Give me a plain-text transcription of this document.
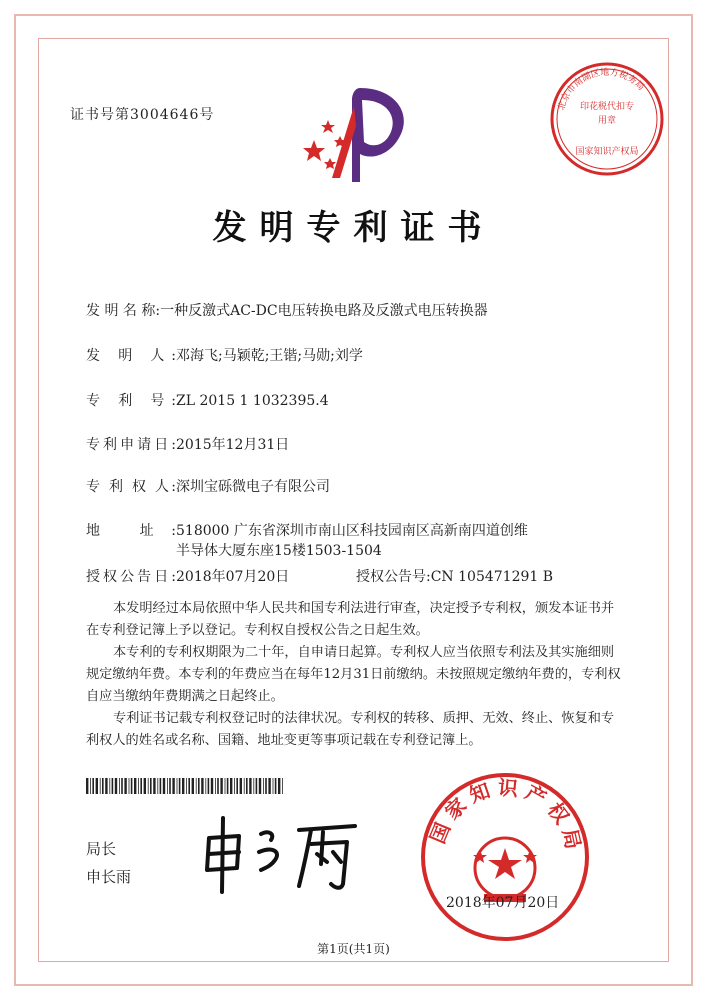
证书号第3004646号
北京市南湖区地方税务局
印花税代扣专用章
国家知识产权局
发明专利证书
发 明 名 称:一种反激式AC-DC电压转换电路及反激式电压转换器
发 明 人:邓海飞;马颖乾;王锴;马勋;刘学
专 利 号:ZL 2015 1 1032395.4
专利申请日:2015年12月31日
专 利 权 人:深圳宝砾微电子有限公司
地 址:518000 广东省深圳市南山区科技园南区高新南四道创维
半导体大厦东座15楼1503-1504
授权公告日:2018年07月20日	授权公告号:CN 105471291 B
本发明经过本局依照中华人民共和国专利法进行审查，决定授予专利权，颁发本证书并在专利登记簿上予以登记。专利权自授权公告之日起生效。
本专利的专利权期限为二十年，自申请日起算。专利权人应当依照专利法及其实施细则规定缴纳年费。本专利的年费应当在每年12月31日前缴纳。未按照规定缴纳年费的，专利权自应当缴纳年费期满之日起终止。
专利证书记载专利权登记时的法律状况。专利权的转移、质押、无效、终止、恢复和专利权人的姓名或名称、国籍、地址变更等事项记载在专利登记簿上。
局长
申长雨
国家知识产权局
2018年07月20日
第1页(共1页)
